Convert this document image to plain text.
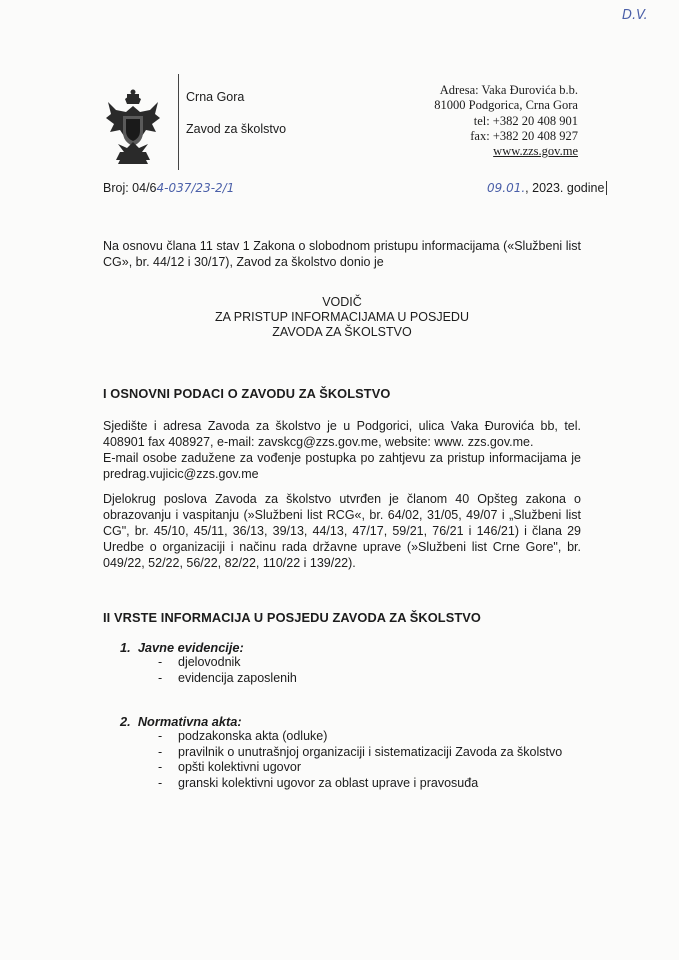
D.V.
Crna Gora
Zavod za školstvo
Adresa: Vaka Đurovića b.b.
81000 Podgorica, Crna Gora
tel: +382 20 408 901
fax: +382 20 408 927
www.zzs.gov.me
Broj: 04/64-037/23-2/1	09.01., 2023. godine
Na osnovu člana 11 stav 1 Zakona o slobodnom pristupu informacijama («Službeni list CG», br. 44/12 i 30/17), Zavod za školstvo donio je
VODIČ
ZA PRISTUP INFORMACIJAMA U POSJEDU
ZAVODA ZA ŠKOLSTVO
I OSNOVNI PODACI O ZAVODU ZA ŠKOLSTVO
Sjedište i adresa Zavoda za školstvo je u Podgorici, ulica Vaka Đurovića bb, tel. 408901 fax 408927, e-mail: zavskcg@zzs.gov.me, website: www. zzs.gov.me.
E-mail osobe zadužene za vođenje postupka po zahtjevu za pristup informacijama je predrag.vujicic@zzs.gov.me
Djelokrug poslova Zavoda za školstvo utvrđen je članom 40 Opšteg zakona o obrazovanju i vaspitanju (»Službeni list RCG«, br. 64/02, 31/05, 49/07 i „Službeni list CG", br. 45/10, 45/11, 36/13, 39/13, 44/13, 47/17, 59/21, 76/21 i 146/21) i člana 29 Uredbe o organizaciji i načinu rada državne uprave (»Službeni list Crne Gore", br. 049/22, 52/22, 56/22, 82/22, 110/22 i 139/22).
II VRSTE INFORMACIJA U POSJEDU ZAVODA ZA ŠKOLSTVO
1. Javne evidencije:
- djelovodnik
- evidencija zaposlenih
2. Normativna akta:
- podzakonska akta (odluke)
- pravilnik o unutrašnjoj organizaciji i sistematizaciji Zavoda za školstvo
- opšti kolektivni ugovor
- granski kolektivni ugovor za oblast uprave i pravosuđa
